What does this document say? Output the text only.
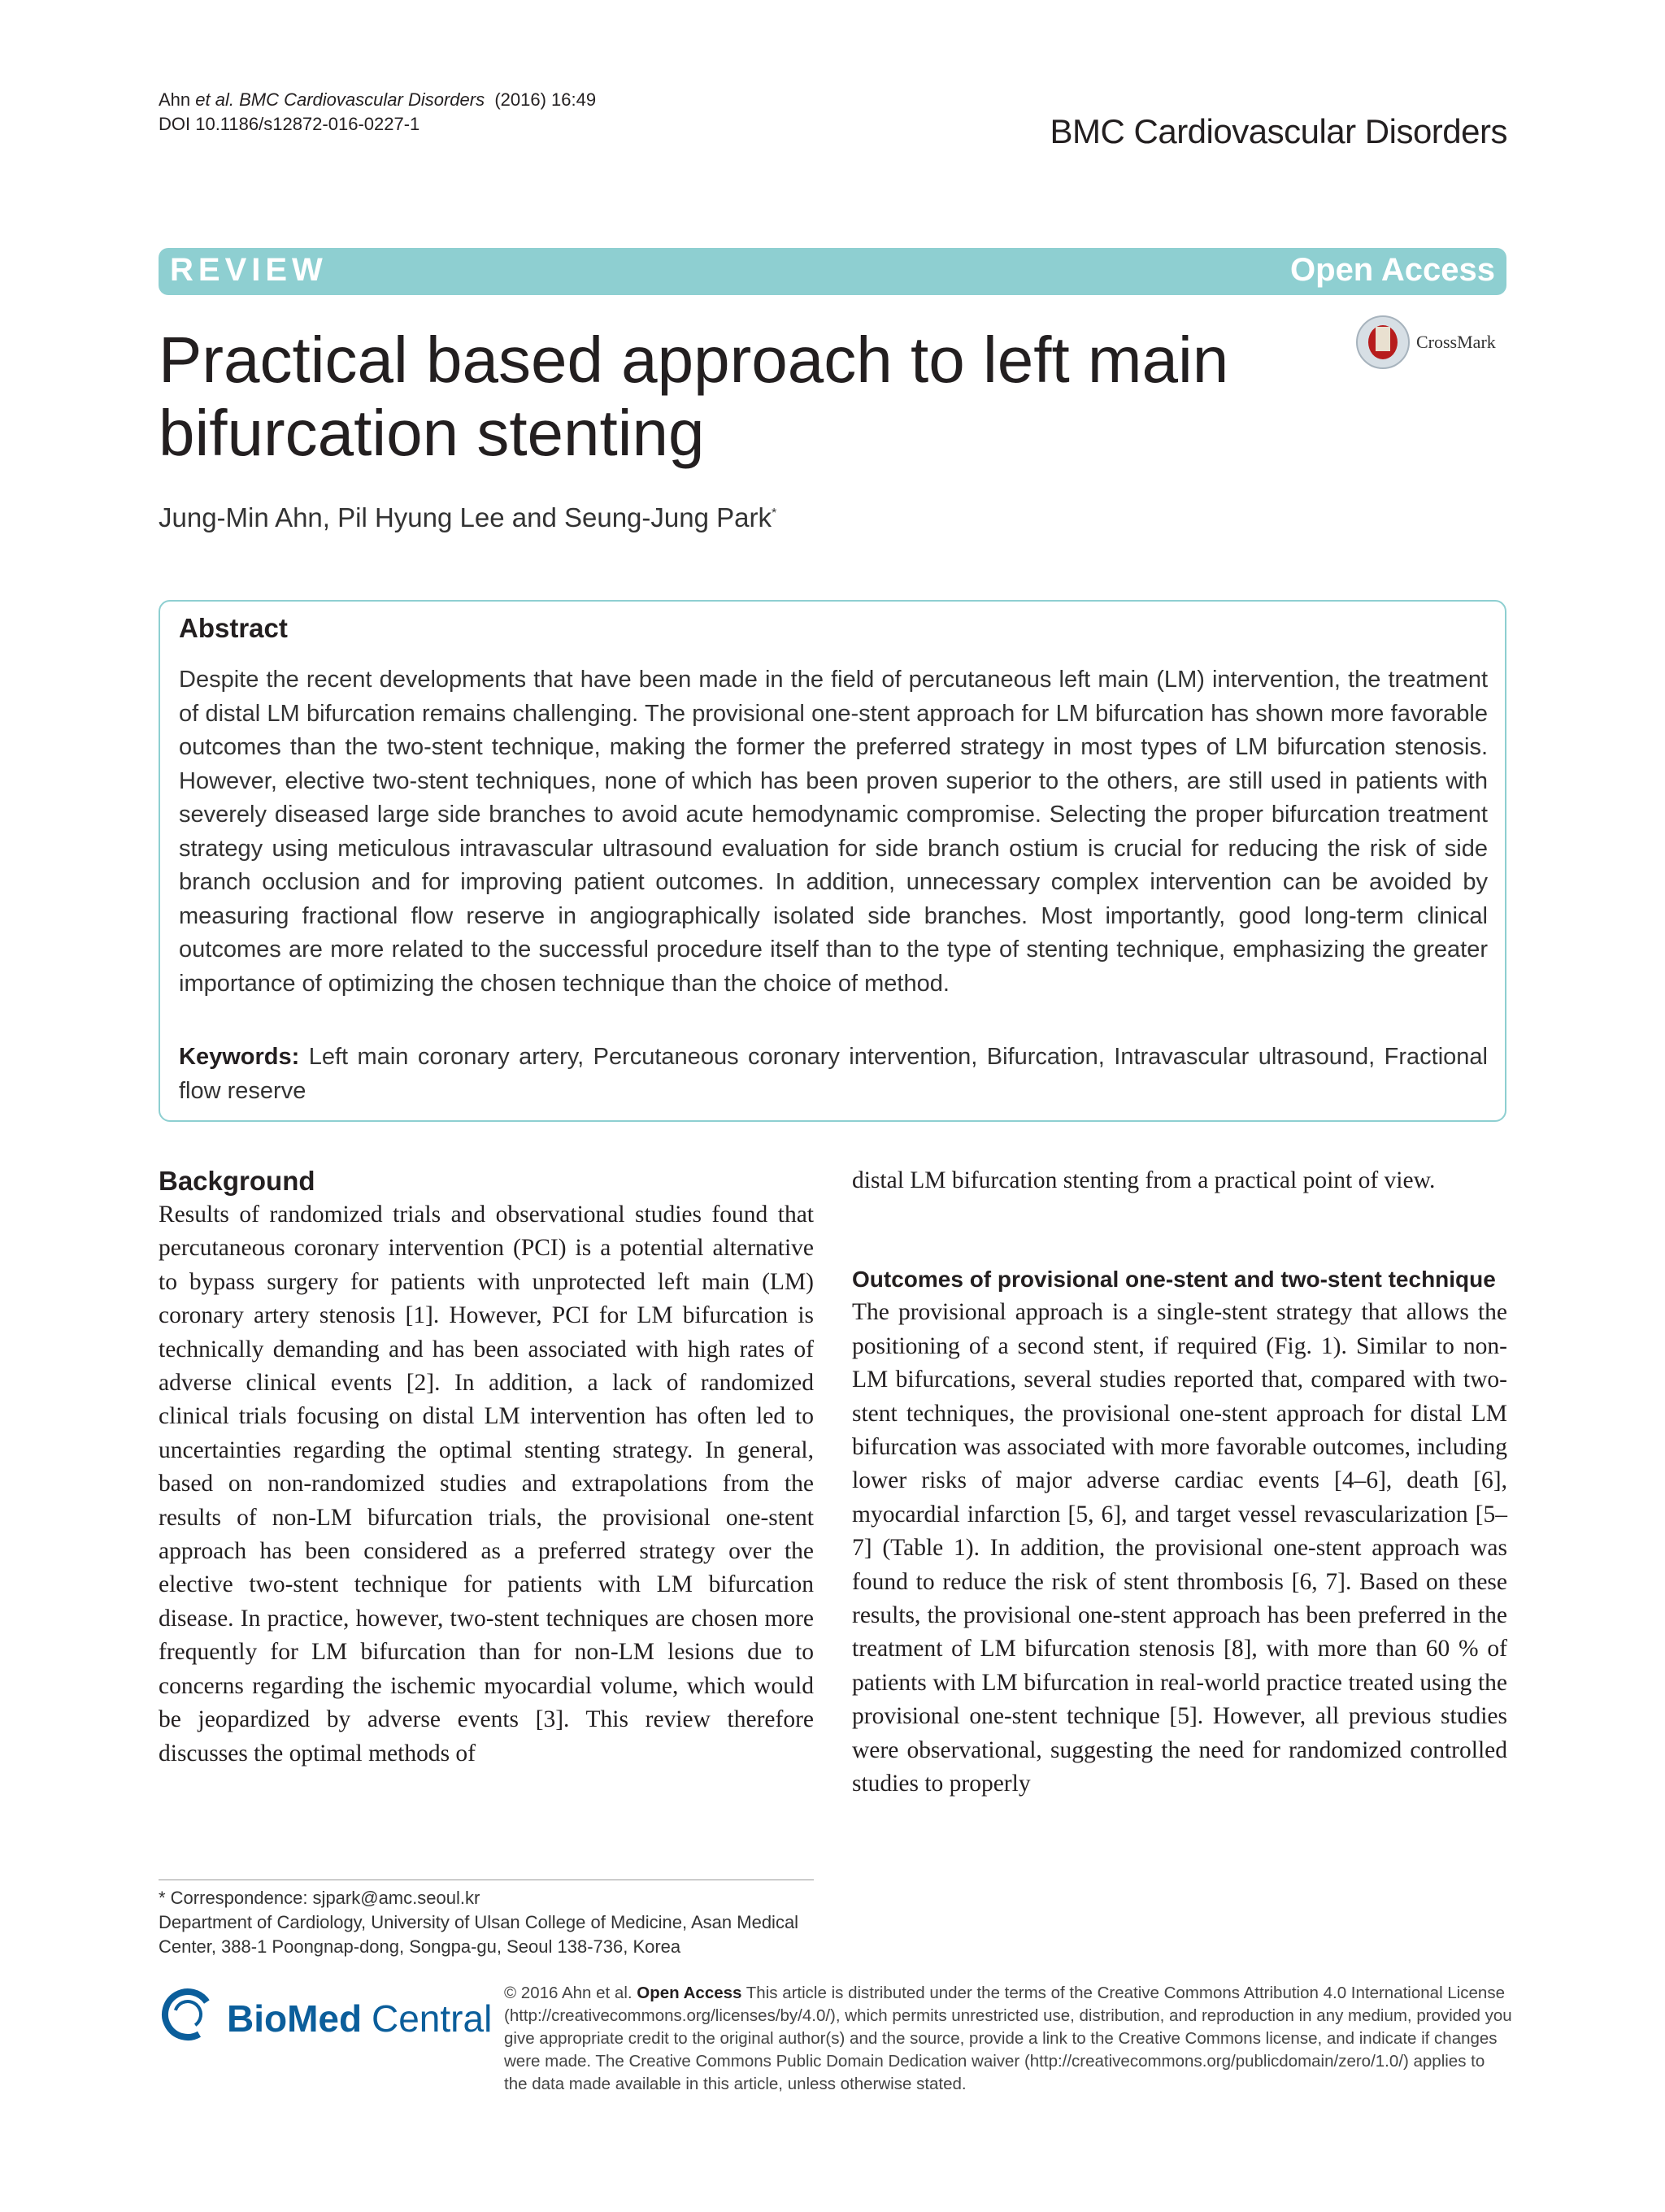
Ahn et al. BMC Cardiovascular Disorders (2016) 16:49
DOI 10.1186/s12872-016-0227-1	BMC Cardiovascular Disorders
REVIEW	Open Access
CrossMark
Practical based approach to left main bifurcation stenting
Jung-Min Ahn, Pil Hyung Lee and Seung-Jung Park*
Abstract
Despite the recent developments that have been made in the field of percutaneous left main (LM) intervention, the treatment of distal LM bifurcation remains challenging. The provisional one-stent approach for LM bifurcation has shown more favorable outcomes than the two-stent technique, making the former the preferred strategy in most types of LM bifurcation stenosis. However, elective two-stent techniques, none of which has been proven superior to the others, are still used in patients with severely diseased large side branches to avoid acute hemodynamic compromise. Selecting the proper bifurcation treatment strategy using meticulous intravascular ultrasound evaluation for side branch ostium is crucial for reducing the risk of side branch occlusion and for improving patient outcomes. In addition, unnecessary complex intervention can be avoided by measuring fractional flow reserve in angiographically isolated side branches. Most importantly, good long-term clinical outcomes are more related to the successful procedure itself than to the type of stenting technique, emphasizing the greater importance of optimizing the chosen technique than the choice of method.
Keywords: Left main coronary artery, Percutaneous coronary intervention, Bifurcation, Intravascular ultrasound, Fractional flow reserve
Background

Results of randomized trials and observational studies found that percutaneous coronary intervention (PCI) is a potential alternative to bypass surgery for patients with unprotected left main (LM) coronary artery stenosis [1]. However, PCI for LM bifurcation is technically demanding and has been associated with high rates of adverse clinical events [2]. In addition, a lack of randomized clinical trials focusing on distal LM intervention has often led to uncertainties regarding the optimal stenting strategy. In general, based on non-randomized studies and extrapolations from the results of non-LM bifurcation trials, the provisional one-stent approach has been considered as a preferred strategy over the elective two-stent technique for patients with LM bifurcation disease. In practice, however, two-stent techniques are chosen more frequently for LM bifurcation than for non-LM lesions due to concerns regarding the ischemic myocardial volume, which would be jeopardized by adverse events [3]. This review therefore discusses the optimal methods of

distal LM bifurcation stenting from a practical point of view.

Outcomes of provisional one-stent and two-stent technique

The provisional approach is a single-stent strategy that allows the positioning of a second stent, if required (Fig. 1). Similar to non-LM bifurcations, several studies reported that, compared with two-stent techniques, the provisional one-stent approach for distal LM bifurcation was associated with more favorable outcomes, including lower risks of major adverse cardiac events [4–6], death [6], myocardial infarction [5, 6], and target vessel revascularization [5–7] (Table 1). In addition, the provisional one-stent approach was found to reduce the risk of stent thrombosis [6, 7]. Based on these results, the provisional one-stent approach has been preferred in the treatment of LM bifurcation stenosis [8], with more than 60 % of patients with LM bifurcation in real-world practice treated using the provisional one-stent technique [5]. However, all previous studies were observational, suggesting the need for randomized controlled studies to properly

* Correspondence: sjpark@amc.seoul.kr
Department of Cardiology, University of Ulsan College of Medicine, Asan Medical Center, 388-1 Poongnap-dong, Songpa-gu, Seoul 138-736, Korea
BioMed Central
© 2016 Ahn et al. Open Access This article is distributed under the terms of the Creative Commons Attribution 4.0 International License (http://creativecommons.org/licenses/by/4.0/), which permits unrestricted use, distribution, and reproduction in any medium, provided you give appropriate credit to the original author(s) and the source, provide a link to the Creative Commons license, and indicate if changes were made. The Creative Commons Public Domain Dedication waiver (http://creativecommons.org/publicdomain/zero/1.0/) applies to the data made available in this article, unless otherwise stated.
